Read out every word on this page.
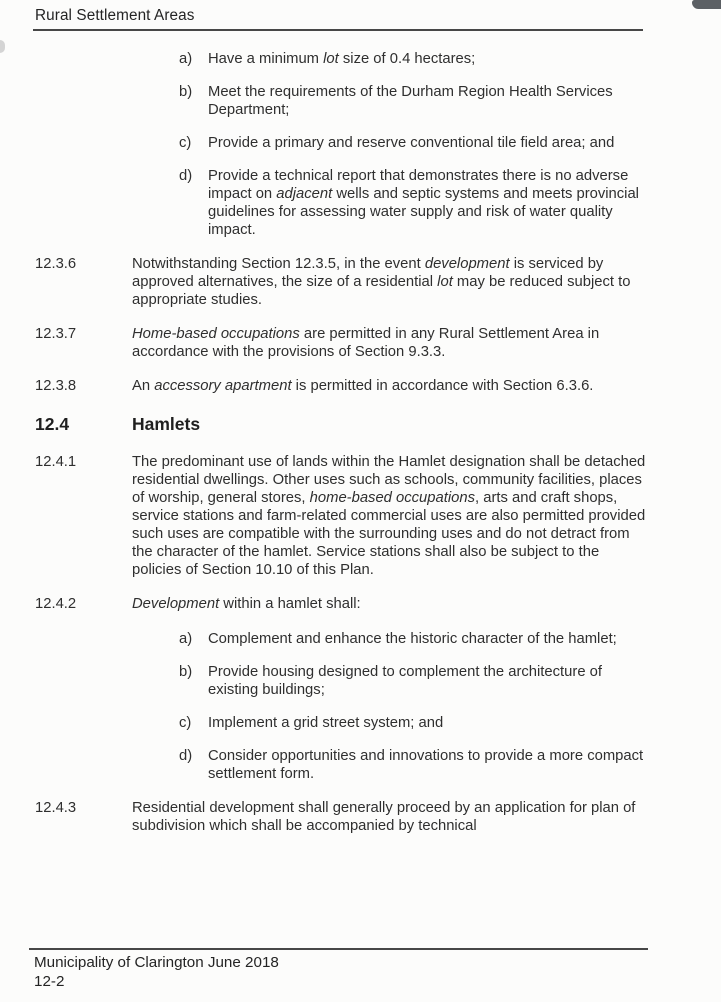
Rural Settlement Areas
a)	Have a minimum lot size of 0.4 hectares;
b)	Meet the requirements of the Durham Region Health Services Department;
c)	Provide a primary and reserve conventional tile field area; and
d)	Provide a technical report that demonstrates there is no adverse impact on adjacent wells and septic systems and meets provincial guidelines for assessing water supply and risk of water quality impact.
12.3.6	Notwithstanding Section 12.3.5, in the event development is serviced by approved alternatives, the size of a residential lot may be reduced subject to appropriate studies.
12.3.7	Home-based occupations are permitted in any Rural Settlement Area in accordance with the provisions of Section 9.3.3.
12.3.8	An accessory apartment is permitted in accordance with Section 6.3.6.
12.4	Hamlets
12.4.1	The predominant use of lands within the Hamlet designation shall be detached residential dwellings. Other uses such as schools, community facilities, places of worship, general stores, home-based occupations, arts and craft shops, service stations and farm-related commercial uses are also permitted provided such uses are compatible with the surrounding uses and do not detract from the character of the hamlet. Service stations shall also be subject to the policies of Section 10.10 of this Plan.
12.4.2	Development within a hamlet shall:
a)	Complement and enhance the historic character of the hamlet;
b)	Provide housing designed to complement the architecture of existing buildings;
c)	Implement a grid street system; and
d)	Consider opportunities and innovations to provide a more compact settlement form.
12.4.3	Residential development shall generally proceed by an application for plan of subdivision which shall be accompanied by technical
Municipality of Clarington June 2018
12-2
